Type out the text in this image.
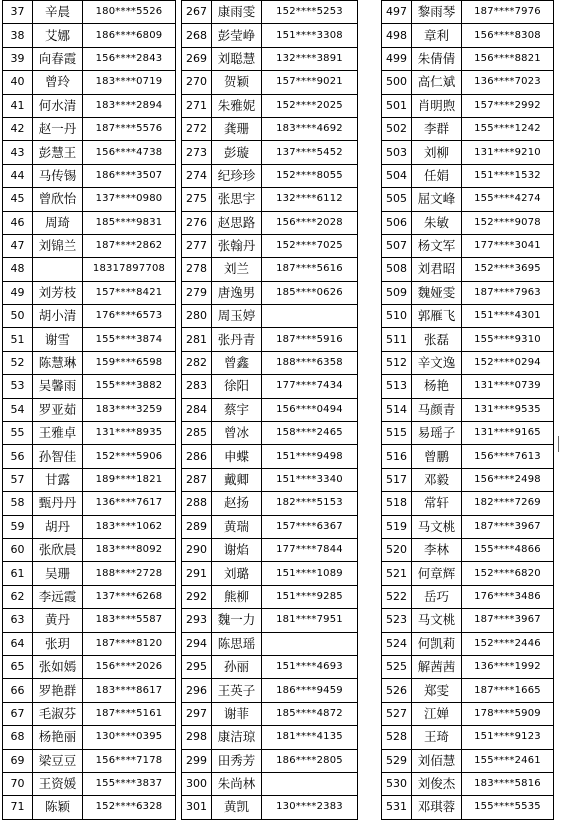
37	辛晨	180****5526
38	艾娜	186****6809
39	向春霞	156****2843
40	曾玲	183****0719
41	何水清	183****2894
42	赵一丹	187****5576
43	彭慧王	156****4738
44	马传锡	186****3507
45	曾欣怡	137****0980
46	周琦	185****9831
47	刘锦兰	187****2862
48		18317897708
49	刘芳枝	157****8421
50	胡小清	176****6573
51	谢雪	155****3874
52	陈慧琳	159****6598
53	吴馨雨	155****3882
54	罗亚茹	183****3259
55	王雅卓	131****8935
56	孙智佳	152****5906
57	甘露	189****1821
58	甄丹丹	136****7617
59	胡丹	183****1062
60	张欣晨	183****8092
61	吴珊	188****2728
62	李远霞	137****6268
63	黄丹	183****5587
64	张玥	187****8120
65	张如嫣	156****2026
66	罗艳群	183****8617
67	毛淑芬	187****5161
68	杨艳丽	130****0395
69	梁豆豆	156****7178
70	王资媛	155****3837
71	陈颖	152****6328
267	康雨雯	152****5253
268	彭莹峥	151****3308
269	刘聪慧	132****3891
270	贺颖	157****9021
271	朱雅妮	152****2025
272	龚珊	183****4692
273	彭璇	137****5452
274	纪珍珍	152****8055
275	张思宇	132****6112
276	赵思路	156****2028
277	张翰丹	152****7025
278	刘兰	187****5616
279	唐逸男	185****0626
280	周玉婷	
281	张丹青	187****5916
282	曾鑫	188****6358
283	徐阳	177****7434
284	蔡宇	156****0494
285	曾冰	158****2465
286	申蝶	151****9498
287	戴卿	151****3340
288	赵扬	182****5153
289	黄瑞	157****6367
290	谢焰	177****7844
291	刘璐	151****1089
292	熊柳	151****9285
293	魏一力	181****7951
294	陈思瑶	
295	孙丽	151****4693
296	王英子	186****9459
297	谢菲	185****4872
298	康洁琼	181****4135
299	田秀芳	186****2805
300	朱尚林	
301	黄凯	130****2383
497	黎雨琴	187****7976
498	章利	156****8308
499	朱倩倩	156****8821
500	高仁斌	136****7023
501	肖明煦	157****2992
502	李群	155****1242
503	刘柳	131****9210
504	任娟	151****1532
505	屈文峰	155****4274
506	朱敏	152****9078
507	杨文军	177****3041
508	刘君昭	152****3695
509	魏娅雯	187****7963
510	郭雁飞	151****4301
511	张磊	155****9310
512	辛文逸	152****0294
513	杨艳	131****0739
514	马颜青	131****9535
515	易瑶子	131****9165
516	曾鹏	156****7613
517	邓毅	156****2498
518	常轩	182****7269
519	马文桃	187****3967
520	李林	155****4866
521	何章辉	152****6820
522	岳巧	176****3486
523	马文桃	187****3967
524	何凯莉	152****2446
525	解茜茜	136****1992
526	郑雯	187****1665
527	江婵	178****5909
528	王琦	151****9123
529	刘佰慧	155****2461
530	刘俊杰	183****5816
531	邓琪蓉	155****5535
